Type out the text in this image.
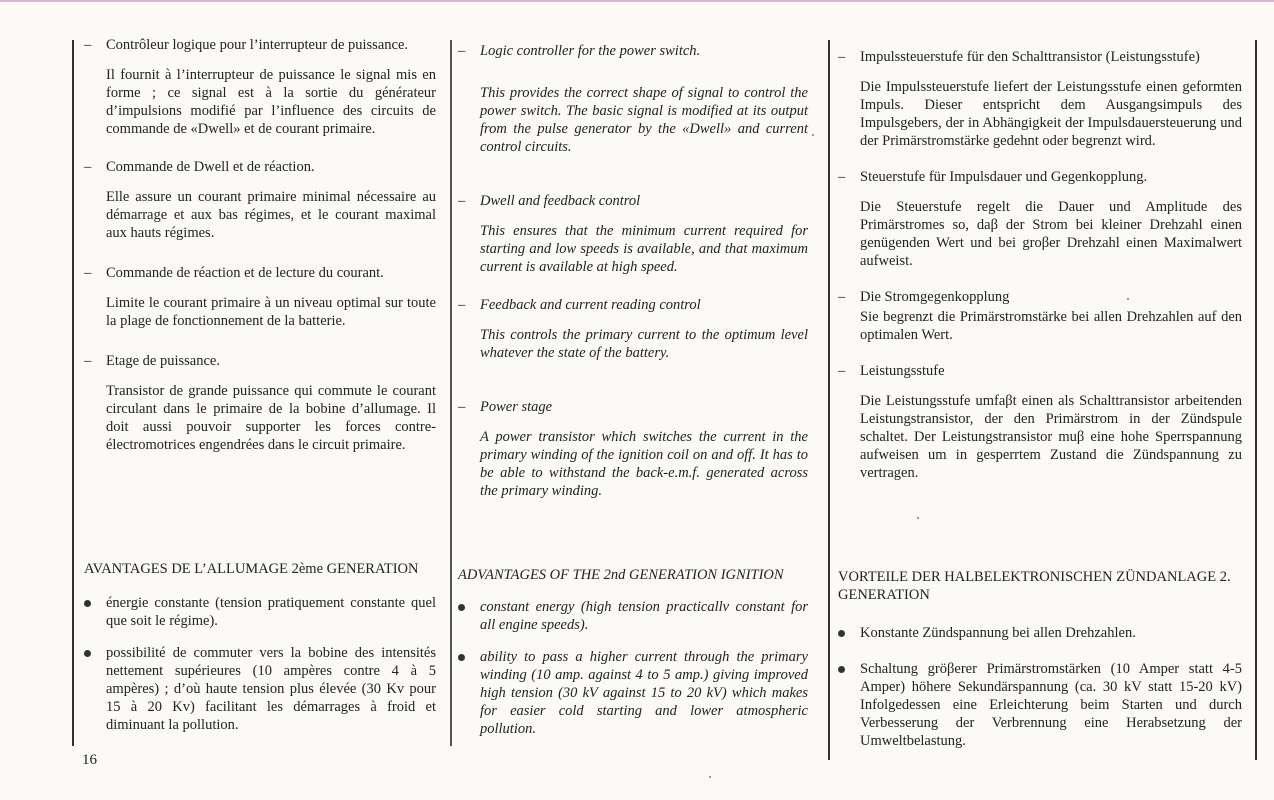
– Contrôleur logique pour l’interrupteur de puissance.
Il fournit à l’interrupteur de puissance le signal mis en forme ; ce signal est à la sortie du générateur d’impulsions modifié par l’influence des circuits de commande de «Dwell» et de courant primaire.
– Commande de Dwell et de réaction.
Elle assure un courant primaire minimal nécessaire au démarrage et aux bas régimes, et le courant maximal aux hauts régimes.
– Commande de réaction et de lecture du courant.
Limite le courant primaire à un niveau optimal sur toute la plage de fonctionnement de la batterie.
– Etage de puissance.
Transistor de grande puissance qui commute le courant circulant dans le primaire de la bobine d’allumage. Il doit aussi pouvoir supporter les forces contre-électromotrices engendrées dans le circuit primaire.
AVANTAGES DE L’ALLUMAGE 2ème GENERATION
énergie constante (tension pratiquement constante quel que soit le régime).
possibilité de commuter vers la bobine des intensités nettement supérieures (10 ampères contre 4 à 5 ampères) ; d’où haute tension plus élevée (30 Kv pour 15 à 20 Kv) facilitant les démarrages à froid et diminuant la pollution.
– Logic controller for the power switch.
This provides the correct shape of signal to control the power switch. The basic signal is modified at its output from the pulse generator by the «Dwell» and current control circuits.
– Dwell and feedback control
This ensures that the minimum current required for starting and low speeds is available, and that maximum current is available at high speed.
– Feedback and current reading control
This controls the primary current to the optimum level whatever the state of the battery.
– Power stage
A power transistor which switches the current in the primary winding of the ignition coil on and off. It has to be able to withstand the back-e.m.f. generated across the primary winding.
ADVANTAGES OF THE 2nd GENERATION IGNITION
constant energy (high tension practicallv constant for all engine speeds).
ability to pass a higher current through the primary winding (10 amp. against 4 to 5 amp.) giving improved high tension (30 kV against 15 to 20 kV) which makes for easier cold starting and lower atmospheric pollution.
– Impulssteuerstufe für den Schalttransistor (Leistungsstufe)
Die Impulssteuerstufe liefert der Leistungsstufe einen geformten Impuls. Dieser entspricht dem Ausgangsimpuls des Impulsgebers, der in Abhängigkeit der Impulsdauersteuerung und der Primärstromstärke gedehnt oder begrenzt wird.
– Steuerstufe für Impulsdauer und Gegenkopplung.
Die Steuerstufe regelt die Dauer und Amplitude des Primärstromes so, daβ der Strom bei kleiner Drehzahl einen genügenden Wert und bei groβer Drehzahl einen Maximalwert aufweist.
– Die Stromgegenkopplung
Sie begrenzt die Primärstromstärke bei allen Drehzahlen auf den optimalen Wert.
– Leistungsstufe
Die Leistungsstufe umfaβt einen als Schalttransistor arbeitenden Leistungstransistor, der den Primärstrom in der Zündspule schaltet. Der Leistungstransistor muβ eine hohe Sperrspannung aufweisen um in gesperrtem Zustand die Zündspannung zu vertragen.
VORTEILE DER HALBELEKTRONISCHEN ZÜNDANLAGE 2. GENERATION
Konstante Zündspannung bei allen Drehzahlen.
Schaltung gröβerer Primärstromstärken (10 Amper statt 4-5 Amper) höhere Sekundärspannung (ca. 30 kV statt 15-20 kV) Infolgedessen eine Erleichterung beim Starten und durch Verbesserung der Verbrennung eine Herabsetzung der Umweltbelastung.
16
